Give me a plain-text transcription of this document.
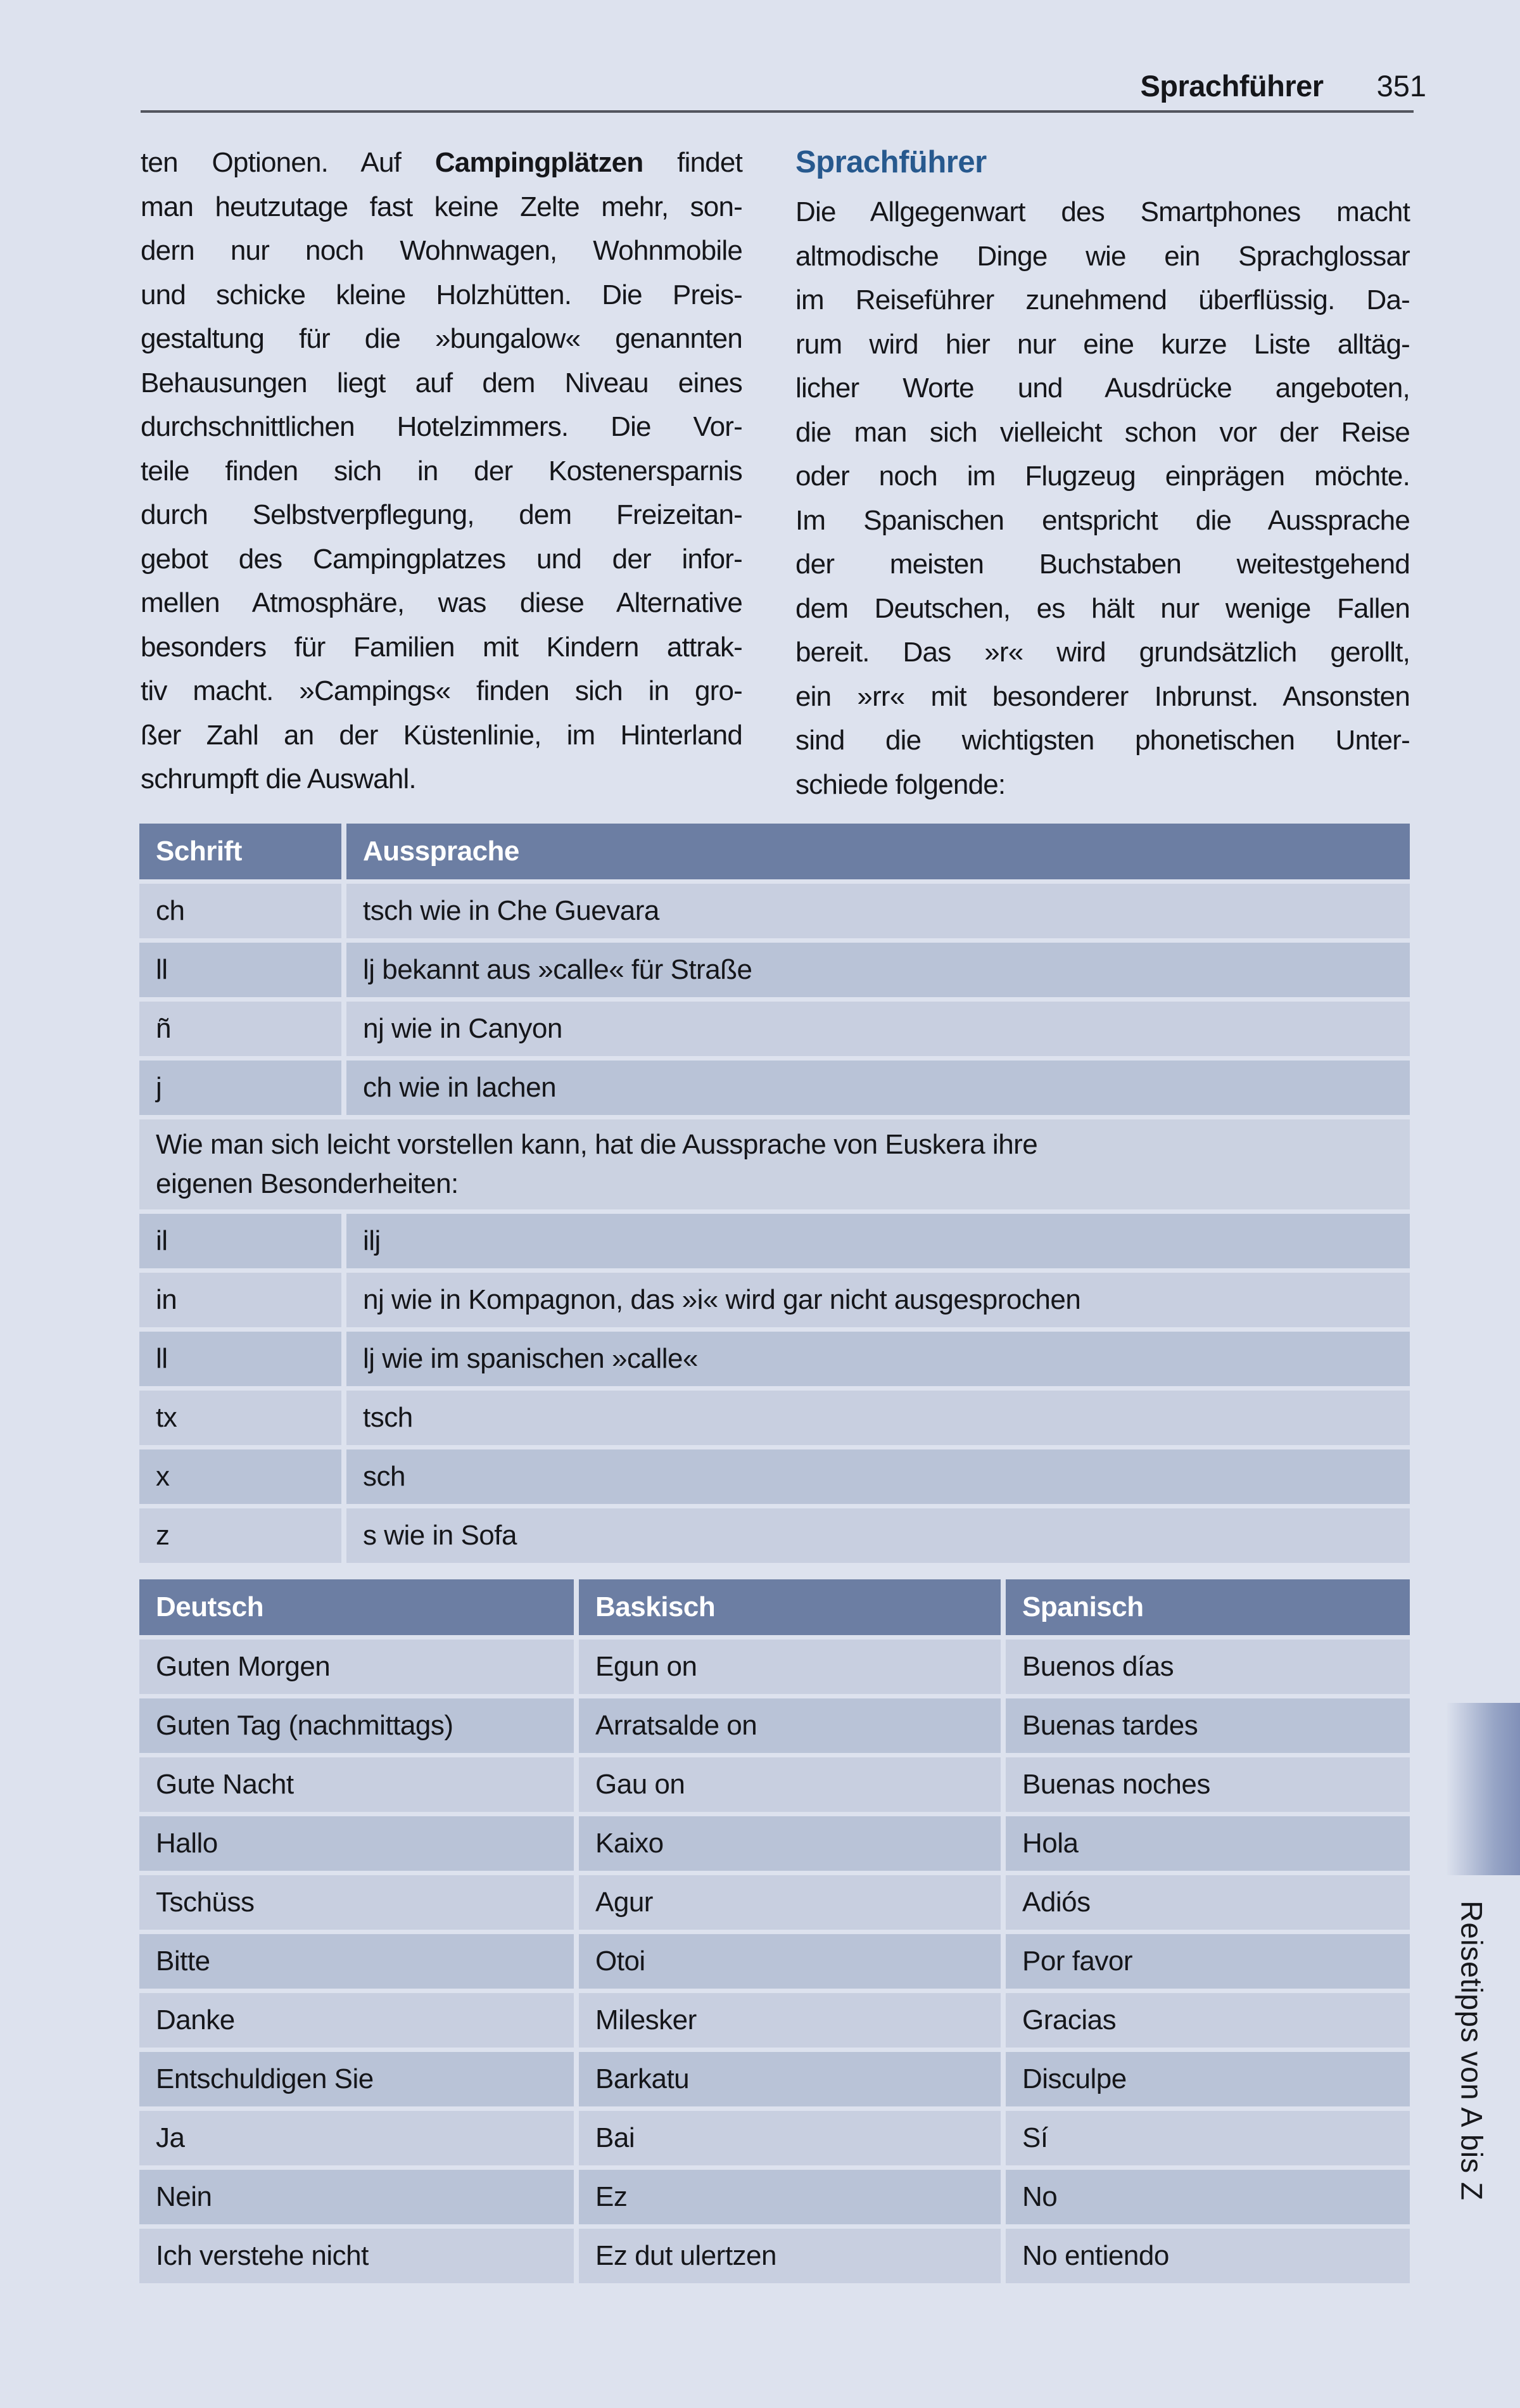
Sprachführer 351
ten Optionen. Auf Campingplätzen findet
man heutzutage fast keine Zelte mehr, son-
dern nur noch Wohnwagen, Wohnmobile
und schicke kleine Holzhütten. Die Preis-
gestaltung für die »bungalow« genannten
Behausungen liegt auf dem Niveau eines
durchschnittlichen Hotelzimmers. Die Vor-
teile finden sich in der Kostenersparnis
durch Selbstverpflegung, dem Freizeitan-
gebot des Campingplatzes und der infor-
mellen Atmosphäre, was diese Alternative
besonders für Familien mit Kindern attrak-
tiv macht. »Campings« finden sich in gro-
ßer Zahl an der Küstenlinie, im Hinterland
schrumpft die Auswahl.
Sprachführer
Die Allgegenwart des Smartphones macht
altmodische Dinge wie ein Sprachglossar
im Reiseführer zunehmend überflüssig. Da-
rum wird hier nur eine kurze Liste alltäg-
licher Worte und Ausdrücke angeboten,
die man sich vielleicht schon vor der Reise
oder noch im Flugzeug einprägen möchte.
Im Spanischen entspricht die Aussprache
der meisten Buchstaben weitestgehend
dem Deutschen, es hält nur wenige Fallen
bereit. Das »r« wird grundsätzlich gerollt,
ein »rr« mit besonderer Inbrunst. Ansonsten
sind die wichtigsten phonetischen Unter-
schiede folgende:
Schrift	Aussprache
ch	tsch wie in Che Guevara
ll	lj bekannt aus »calle« für Straße
ñ	nj wie in Canyon
j	ch wie in lachen
Wie man sich leicht vorstellen kann, hat die Aussprache von Euskera ihre
eigenen Besonderheiten:
il	ilj
in	nj wie in Kompagnon, das »i« wird gar nicht ausgesprochen
ll	lj wie im spanischen »calle«
tx	tsch
x	sch
z	s wie in Sofa
Deutsch	Baskisch	Spanisch
Guten Morgen	Egun on	Buenos días
Guten Tag (nachmittags)	Arratsalde on	Buenas tardes
Gute Nacht	Gau on	Buenas noches
Hallo	Kaixo	Hola
Tschüss	Agur	Adiós
Bitte	Otoi	Por favor
Danke	Milesker	Gracias
Entschuldigen Sie	Barkatu	Disculpe
Ja	Bai	Sí
Nein	Ez	No
Ich verstehe nicht	Ez dut ulertzen	No entiendo
Reisetipps von A bis Z
